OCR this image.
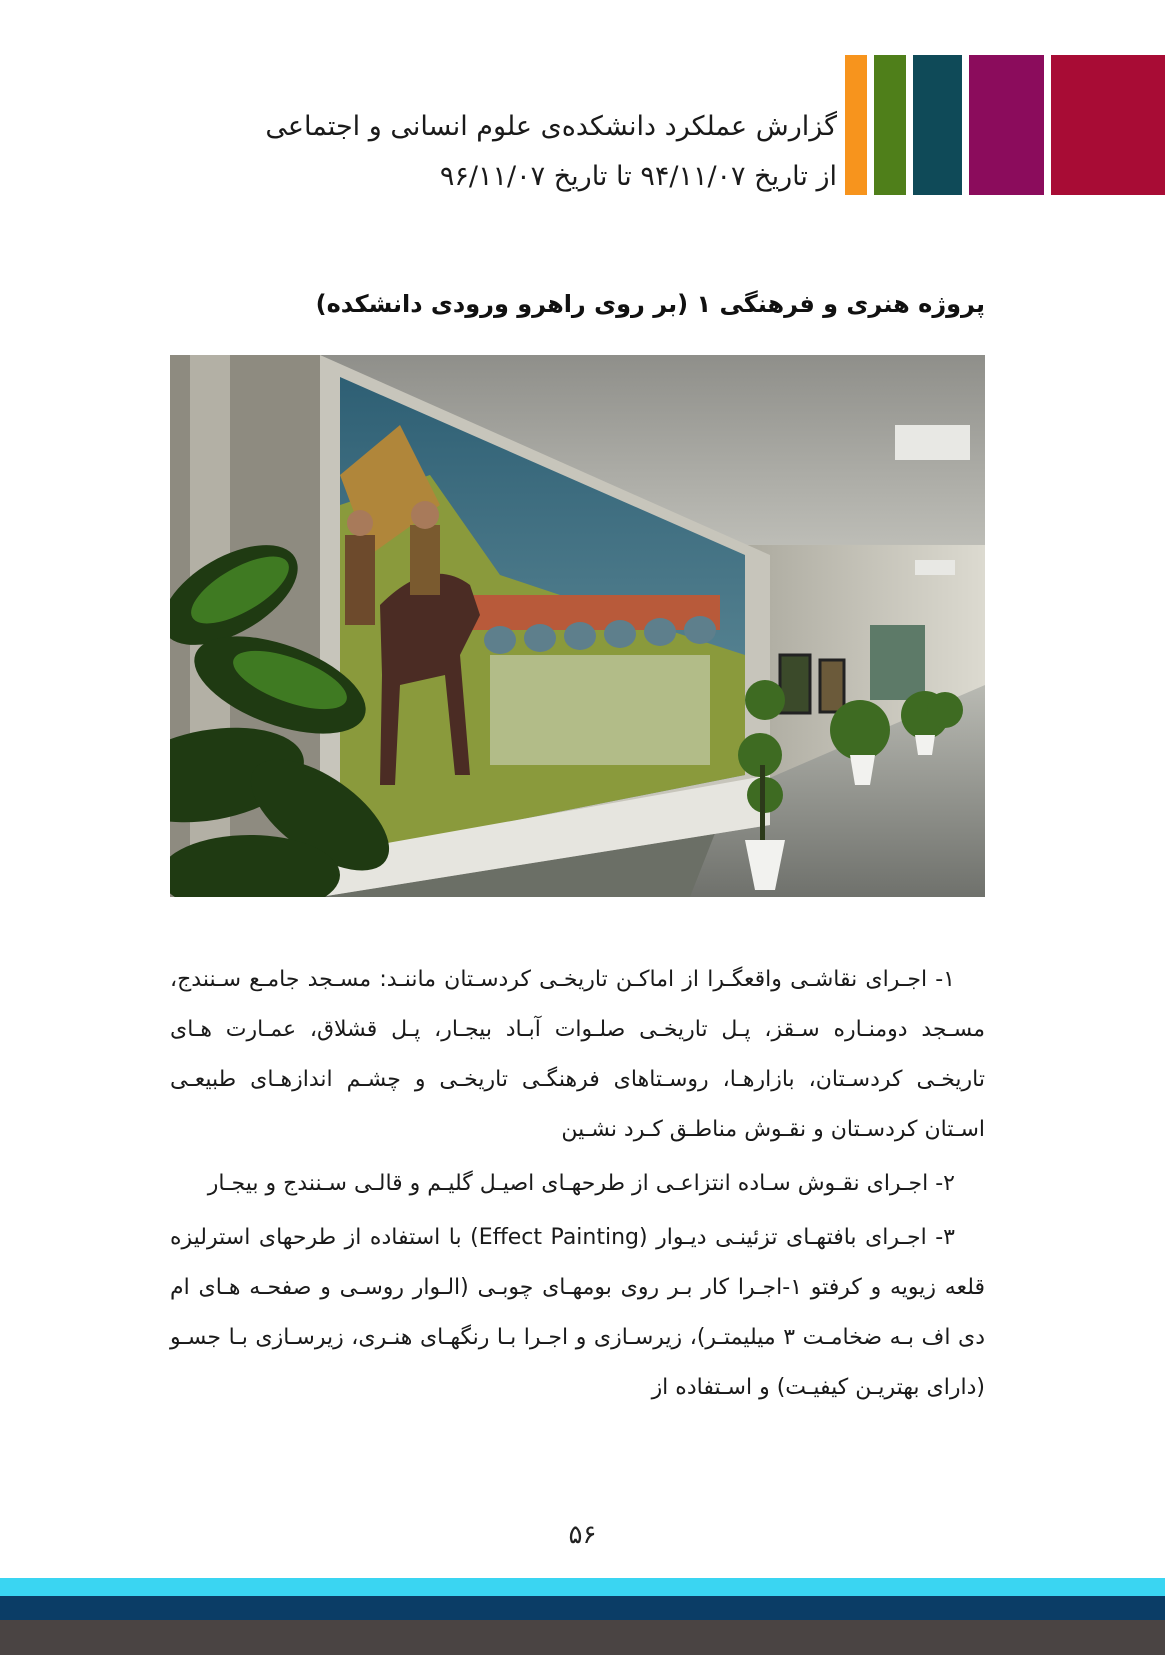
گزارش عملکرد دانشکده‌ی علوم انسانی و اجتماعی
از تاریخ ۹۴/۱۱/۰۷ تا تاریخ ۹۶/۱۱/۰۷
پروژه هنری و فرهنگی ۱ (بر روی راهرو ورودی دانشکده)

۱- اجـرای نقاشـی واقعگـرا از اماکـن تاریخـی کردسـتان ماننـد: مسـجد جامـع سـنندج، مسـجد دومنـاره سـقز، پـل تاریخـی صلـوات آبـاد بیجـار، پـل قشلاق، عمـارت هـای تاریخـی کردسـتان، بازارهـا، روسـتاهای فرهنگـی تاریخـی و چشـم اندازهـای طبیعـی اسـتان کردسـتان و نقـوش مناطـق کـرد نشـین

۲- اجـرای نقـوش سـاده انتزاعـی از طرحهـای اصیـل گلیـم و قالـی سـنندج و بیجـار

۳- اجـرای بافتهـای تزئینـی دیـوار (Effect Painting) با استفاده از طرحهای استرلیزه قلعه زیویه و کرفتو ۱-اجـرا کار بـر روی بومهـای چوبـی (الـوار روسـی و صفحـه هـای ام دی اف بـه ضخامـت ۳ میلیمتـر)، زیرسـازی و اجـرا بـا رنگهـای هنـری، زیرسـازی بـا جسـو (دارای بهتریـن کیفیـت) و اسـتفاده از

۵۶
